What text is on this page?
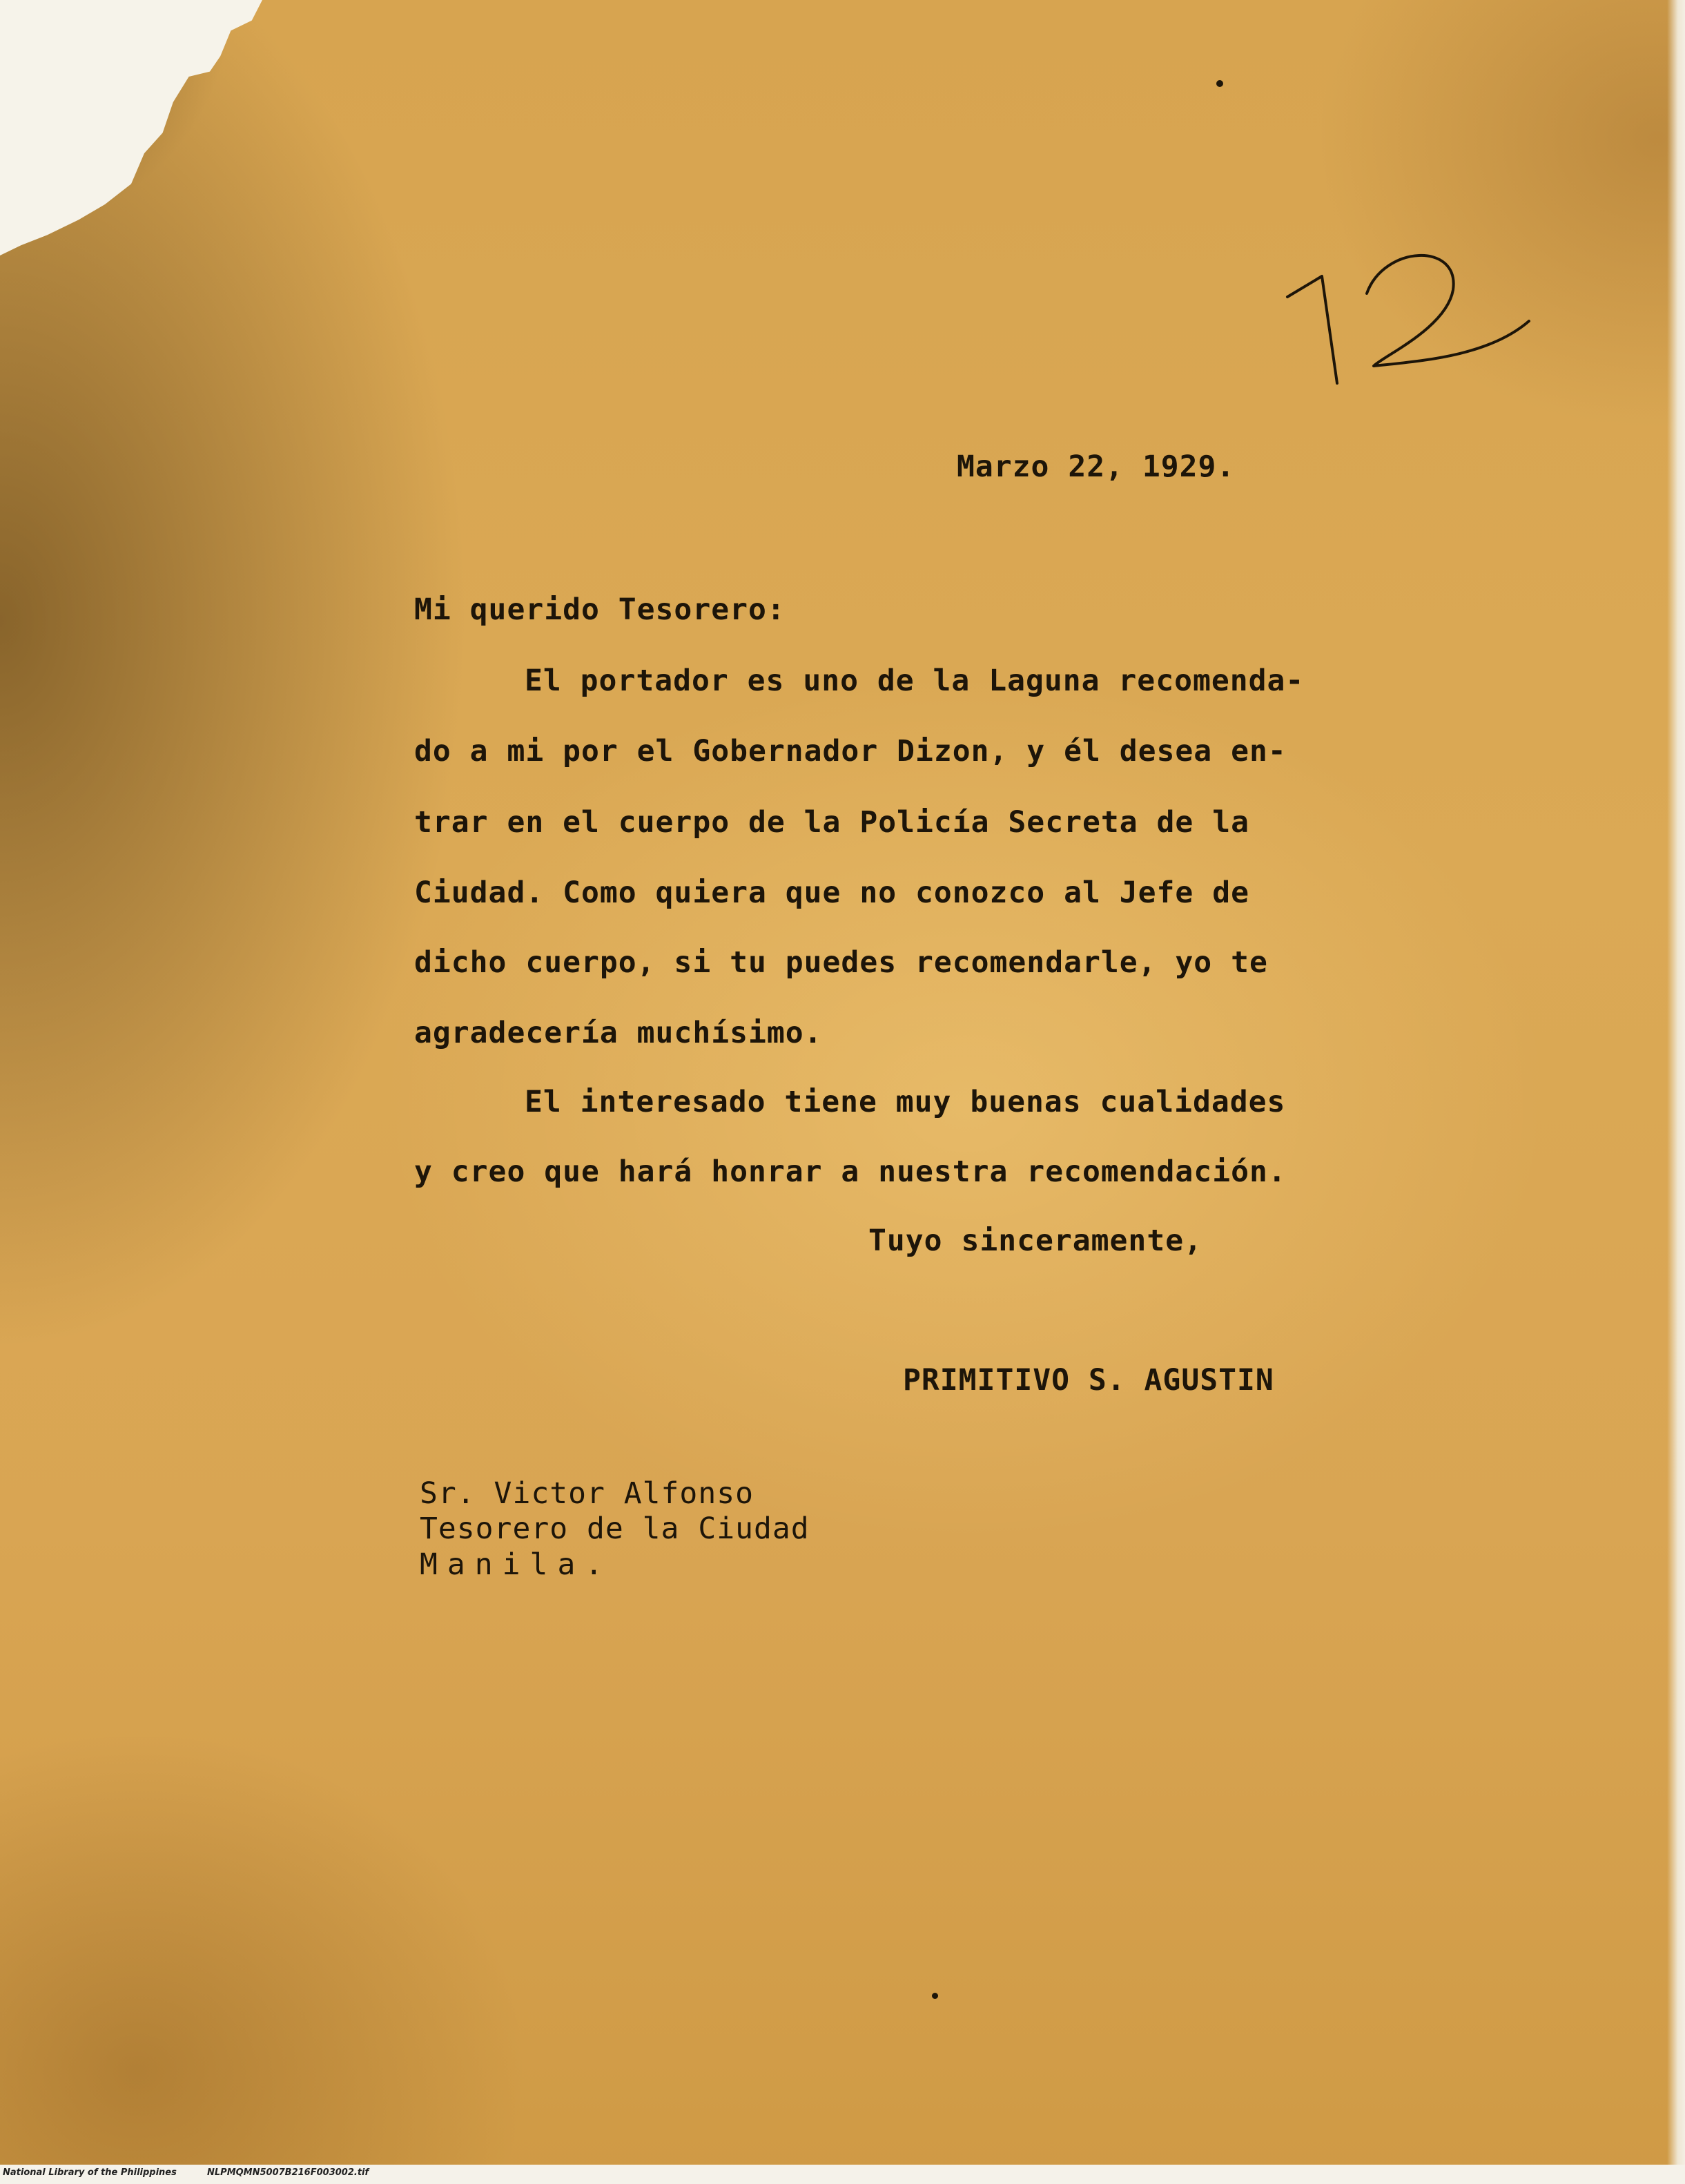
Marzo 22, 1929.
Mi querido Tesorero:
El portador es uno de la Laguna recomenda-
do a mi por el Gobernador Dizon, y él desea en-
trar en el cuerpo de la Policía Secreta de la
Ciudad. Como quiera que no conozco al Jefe de
dicho cuerpo, si tu puedes recomendarle, yo te
agradecería muchísimo.
El interesado tiene muy buenas cualidades
y creo que hará honrar a nuestra recomendación.
Tuyo sinceramente,
PRIMITIVO S. AGUSTIN
Sr. Victor Alfonso
Tesorero de la Ciudad
Manila.
National Library of the Philippines	NLPMQMN5007B216F003002.tif
